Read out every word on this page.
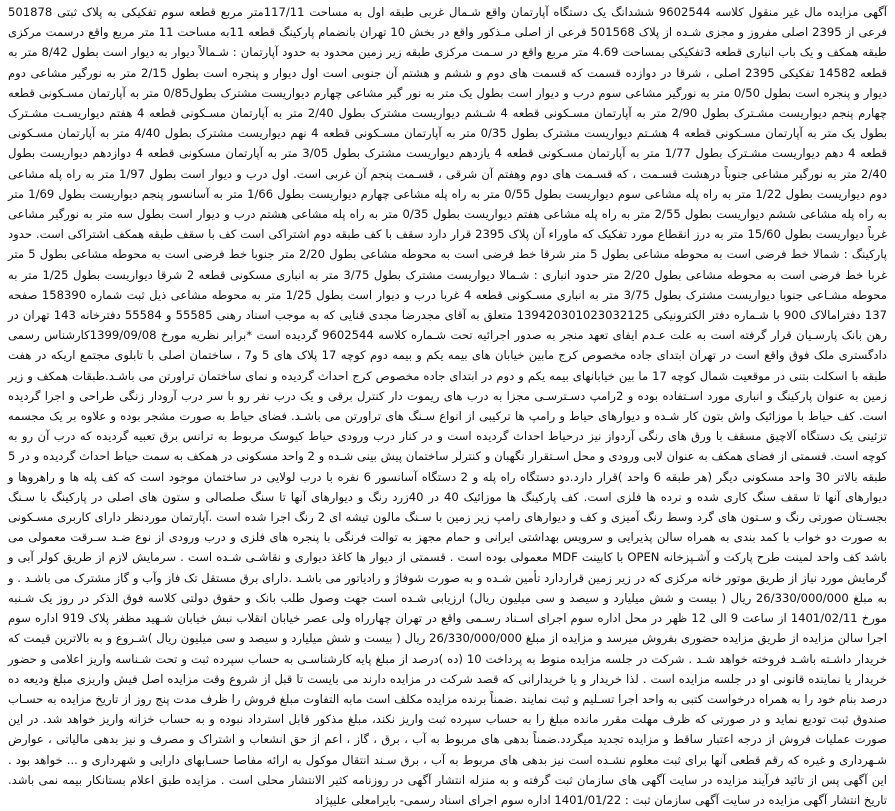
آگهی مزایده مال غیر منقول کلاسه 9602544 ششدانگ یک دستگاه آپارتمان واقع شـمال غربی طبقه اول به مساحت 117/11متر مربع قطعه سوم تفکیکی به پلاک ثبتی 501878 فرعی از 2395 اصلی مفروز و مجزی شـده از پلاک 501568 فرعی از اصلی مـذکور واقع در بخش 10 تهران بانضمام پارکینگ قطعه 11به مساحت 11 متر مربع واقع درسمت مرکزی طبقه همکف و یک باب انباری قطعه 3تفکیکی بمساحت 4.69 متر مربع واقع در سـمت مرکزی طبقه زیر زمین محدود به حدود آپارتمان : شـمالاً دیوار به دیوار است بطول 8/42 متر به قطعه 14582 تفکیکی 2395 اصلی ، شرقا در دوازده قسمت که قسمت های دوم و ششم و هشتم آن جنوبی است اول دیوار و پنجره است بطول 2/15 متر به نورگیر مشاعی دوم دیوار و پنجره است بطول 0/50 متر به نورگیر مشاعی سوم درب و دیوار است بطول یک متر به نور گیر مشاعی چهارم دیواریست مشترک بطول0/85 متر به آپارتمان مسـکونی قطعه چهارم پنجم دیواریست مشـترک بطول 2/90 متر به آپارتمان مسـکونی قطعه 4 شـشم دیواریست مشترک بطول 2/40 متر به آپارتمان مسـکونی قطعه 4 هفتم دیواریسـت مشـترک بطول یک متر به آپارتمان مسـکونی قطعه 4 هشـتم دیواریست مشترک بطول 0/35 متر به آپارتمان مسـکونی قطعه 4 نهم دیواریست مشترک بطول 4/40 متر به آپارتمان مسـکونی قطعه 4 دهم دیواریست مشـترک بطول 1/77 متر به آپارتمان مسـکونی قطعه 4 یازدهم دیواریست مشترک بطول 3/05 متر به آپارتمان مسکونی قطعه 4 دوازدهم دیواریست بطول 2/40 متر به نورگیر مشاعی جنوباً درهشت قسـمت ، که قسـمت های دوم وهفتم آن شرقی ، قسـمت پنجم آن غربی است. اول درب و دیوار است بطول 1/97 متر به راه پله مشاعی دوم دیواریست بطول 1/22 متر به راه پله مشاعی سوم دیواریست بطول 0/55 متر به راه پله مشاعی چهارم دیواریست بطول 1/66 متر به آسانسور پنجم دیواریست بطول 1/69 متر به راه پله مشاعی ششم دیواریست بطول 2/55 متر به راه پله مشاعی هفتم دیواریست بطول 0/35 متر به راه پله مشاعی هشتم درب و دیوار است بطول سه متر به نورگیر مشاعی غرباً دیواریست بطول 15/60 متر به درز انقطاع مورد تفکیک که ماوراء آن پلاک 2395 قرار دارد سقف با کف طبقه دوم اشتراکی است کف با سقف طبقه همکف اشتراکی است. حدود پارکینگ : شمالا خط فرضی است به محوطه مشاعی بطول 5 متر شرقا خط فرضی است به محوطه مشاعی بطول 2/20 متر جنوبا خط فرضی است به محوطه مشاعی بطول 5 متر غربا خط فرضی است به محوطه مشاعی بطول 2/20 متر حدود انباری : شـمالا دیواریست مشترک بطول 3/75 متر به انباری مسکونی قطعه 2 شرقا دیواریست بطول 1/25 متر به محوطه مشـاعی جنوبا دیواریست مشترک بطول 3/75 متر به انباری مسـکونی قطعه 4 غربا درب و دیوار است بطول 1/25 متر به محوطه مشاعی ذیل ثبت شماره 158390 صفحه 137 دفترامالاک 900 با شـماره دفتر الکترونیکی 139420301023032125 متعلق به آقای مجدرضا مجدی قنایی که به موجب اسناد رهنی 55585 و 55584 دفترخانه 143 تهران در رهن بانک پارسـیان قرار گرفته است به علت عـدم ایفای تعهد منجر به صدور اجرائیه تحت شـماره کلاسه 9602544 گردیده است *برابر نظریه مورخ 1399/09/08کارشناس رسمی دادگستری ملک فوق واقع است در تهران ابتدای جاده مخصوص کرج مابین خیابان های بیمه یکم و بیمه دوم کوچه 17 پلاک های 5 و7 ، ساختمان اصلی با تابلوی مجتمع اریکه در هفت طبقه با اسکلت بتنی در موقعیت شمال کوچه 17 ما بین خیابانهای بیمه یکم و دوم در ابتدای جاده مخصوص کرج احداث گردیده و نمای ساختمان تراورتن می باشـد.طبقات همکف و زیر زمین به عنوان پارکینگ و انباری مورد اسـتفاده بوده و 2رامپ دسـترسـی مجزا به درب های ریموت دار کنترل برقی و یک درب نفر رو با سر درب آرودار زنگی طراحی و اجرا گردیده است. کف حیاط با موزائیک واش بتون کار شـده و دیوارهای حیاط و رامپ ها ترکیبی از انواع سـنگ های تراورتن می باشـد. فضای حیاط به صورت مشجر بوده و علاوه بر یک مجسمه تزئینی یک دستگاه آلاچیق مسقف با ورق های رنگی آردواز نیز درحیاط احداث گردیده است و در کنار درب ورودی حیاط کیوسک مربوط به ترانس برق تعبیه گردیده که درب آن رو به کوچه است. قسمتی از فضای همکف به عنوان لابی ورودی و محل اسـتقرار نگهبان و کنترلر ساختمان پیش بینی شـده و 2 واحد مسکونی در همکف به سمت حیاط احداث گردیده و در 5 طبقه بالاتر 30 واحد مسکونی دیگر (هر طبقه 6 واحد )قرار دارد.دو دستگاه راه پله و 2 دستگاه آسانسور 6 نفره با درب لولایی در ساختمان موجود است که کف پله ها و راهروها و دیوارهای آنها تا سقف سنگ کاری شده و نرده ها فلزی است. کف پارکینگ ها موزائیک 40 در 40زرد رنگ و دیوارهای آنها تا سنگ صلصالی و ستون های اصلی در پارکینگ با سـنگ بجسـتان صورتی رنگ و سـتون های گرد وسط رنگ آمیزی و کف و دیوارهای رامپ زیر زمین با سـنگ مالون تیشه ای 2 رنگ اجرا شده است .آپارتمان موردنظر دارای کاربری مسـکونی به صورت دو خواب با کمد بندی به همراه سالن پذیرایی و سرویس بهداشتی ایرانی و حمام مجهز به توالت فرنگی با پنجره های فلزی و درب ورودی از نوع ضـد سـرقت معمولی می باشد کف واحد لمینت طرح پارکت و آشـپزخانه OPEN با کابینت MDF معمولی بوده است . قسمتی از دیوار ها کاغذ دیواری و نقاشـی شـده است . سرمایش لازم از طریق کولر آبی و گرمایش مورد نیاز از طریق موتور خانه مرکزی که در زیر زمین قراردارد تأمین شـده و به صورت شوفاژ و رادیاتور می باشـد .دارای برق مستقل تک فاز وآب و گاز مشترک می باشـد . و به مبلغ 26/330/000/000 ریال ( بیست و شش میلیارد و سیصد و سی میلیون ریال) ارزیابی شـده است جهت وصول طلب بانک و حقوق دولتی کلاسه فوق الذکر در روز یک شـنبه مورخ 1401/02/11 از ساعت 9 الی 12 ظهر در محل اداره سوم اجرای اسـناد رسـمی واقع در تهران چهارراه ولی عصر خیابان انقلاب نبش خیابان شـهید مظفر پلاک 919 اداره سوم اجرا سالن مزایده از طریق مزایده حضوری بفروش میرسد و مزایده از مبلغ 26/330/000/000 ریال ( بیست و شش میلیارد و سیصد و سی میلیون ریال )شـروع و به بالاترین قیمت که خریدار داشـته باشـد فروخته خواهد شـد . شرکت در جلسه مزایده منوط به پرداخت 10 (ده )درصد از مبلغ پایه کارشناسـی به حساب سپرده ثبت و تحت شـناسه واریز اعلامی و حضور خریدار یا نماینده قانونی او در جلسه مزایده است . لذا خریدار و یا خریدارانی که قصد شرکت در مزایده دارند می بایست تا قبل از شروع وقت مزایده اصل فیش واریزی مبلغ ودیعه ده درصد بنام خود را به همراه درخواست کتبی به واحد اجرا تسـلیم و ثبت نمایند .ضمناً برنده مزایده مکلف است مابه التفاوت مبلغ فروش را ظرف مدت پنج روز از تاریخ مزایده به حسـاب صندوق ثبت تودیع نماید و در صورتی که ظرف مهلت مقرر مانده مبلغ را به حساب سپرده ثبت واریز نکند، مبلغ مذکور قابل استرداد نبوده و به حساب خزانه واریز خواهد شد. در این صورت عملیات فروش از درجه اعتبار ساقط و مزایده تجدید میگردد.ضمناً بدهی های مربوط به آب ، برق ، گاز ، اعم از حق انشعاب و اشتراک و مصرف و نیز بدهی مالیاتی ، عوارض شـهرداری و غیره که رقم قطعی آنها برای ثبت معلوم نشـده است نیز بدهی های مربوط به آب ، برق سـند انتقال موکول به ارائه مفاصا حسـابهای دارایی و شهرداری و ... خواهد بود . این آگهی پس از تائید فرآیند مزایده در سایت آگهی های سازمان ثبت گرفته و به منزله انتشار آگهی در روزنامه کثیر الانتشار محلی است . مزایده طبق اعلام بستانکار بیمه نمی باشد. تاریخ انتشار آگهی مزایده در سایت آگهی سازمان ثبت : 1401/01/22 اداره سوم اجرای اسناد رسمی- بایرامعلی علیپژاد
